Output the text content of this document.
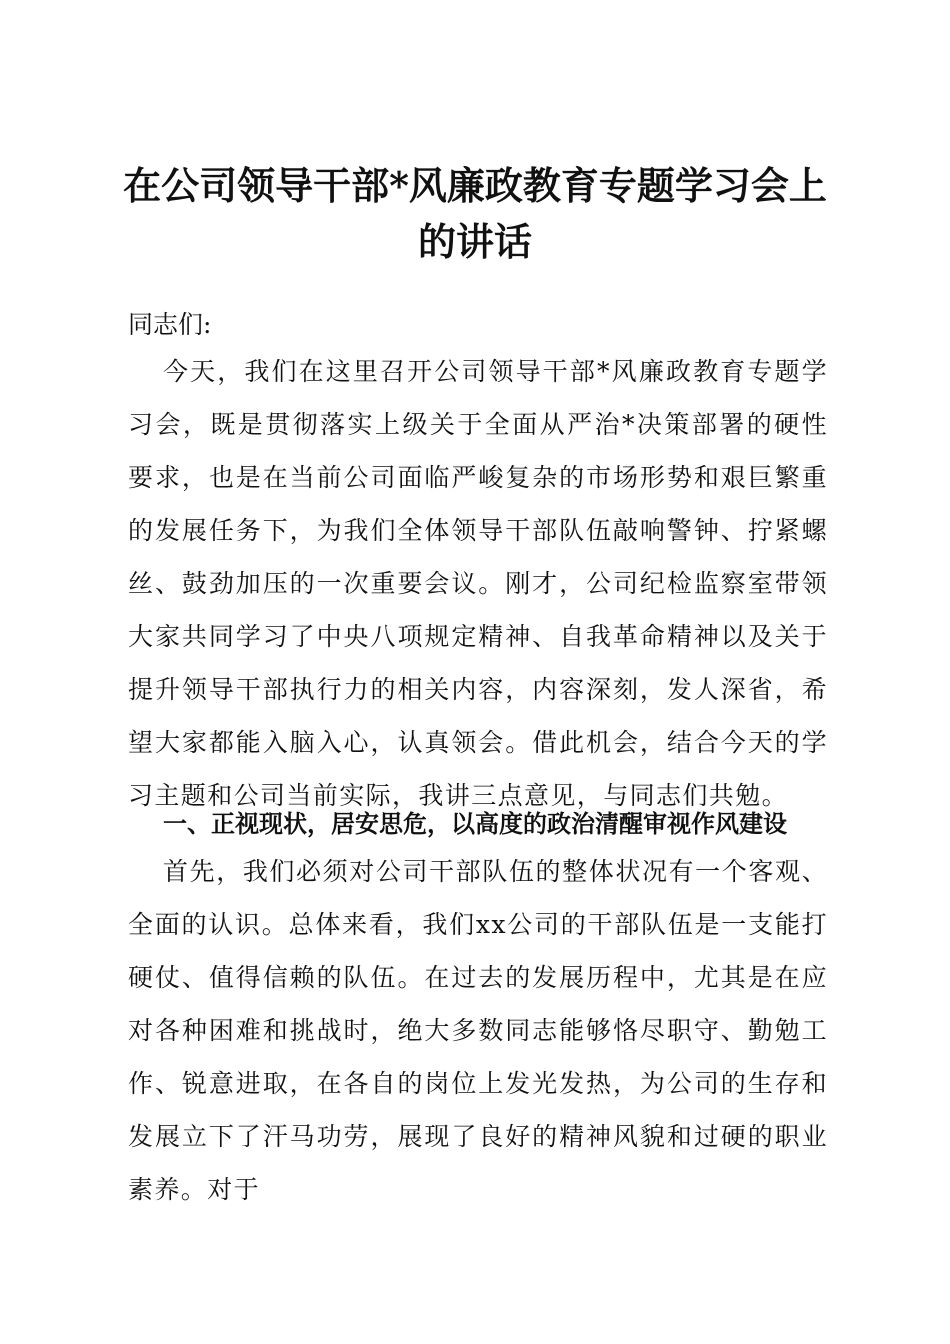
在公司领导干部*风廉政教育专题学习会上的讲话

同志们:

今天，我们在这里召开公司领导干部*风廉政教育专题学习会，既是贯彻落实上级关于全面从严治*决策部署的硬性要求，也是在当前公司面临严峻复杂的市场形势和艰巨繁重的发展任务下，为我们全体领导干部队伍敲响警钟、拧紧螺丝、鼓劲加压的一次重要会议。刚才，公司纪检监察室带领大家共同学习了中央八项规定精神、自我革命精神以及关于提升领导干部执行力的相关内容，内容深刻，发人深省，希望大家都能入脑入心，认真领会。借此机会，结合今天的学习主题和公司当前实际，我讲三点意见，与同志们共勉。

一、正视现状，居安思危，以高度的政治清醒审视作风建设

首先，我们必须对公司干部队伍的整体状况有一个客观、全面的认识。总体来看，我们xx公司的干部队伍是一支能打硬仗、值得信赖的队伍。在过去的发展历程中，尤其是在应对各种困难和挑战时，绝大多数同志能够恪尽职守、勤勉工作、锐意进取，在各自的岗位上发光发热，为公司的生存和发展立下了汗马功劳，展现了良好的精神风貌和过硬的职业素养。对于
